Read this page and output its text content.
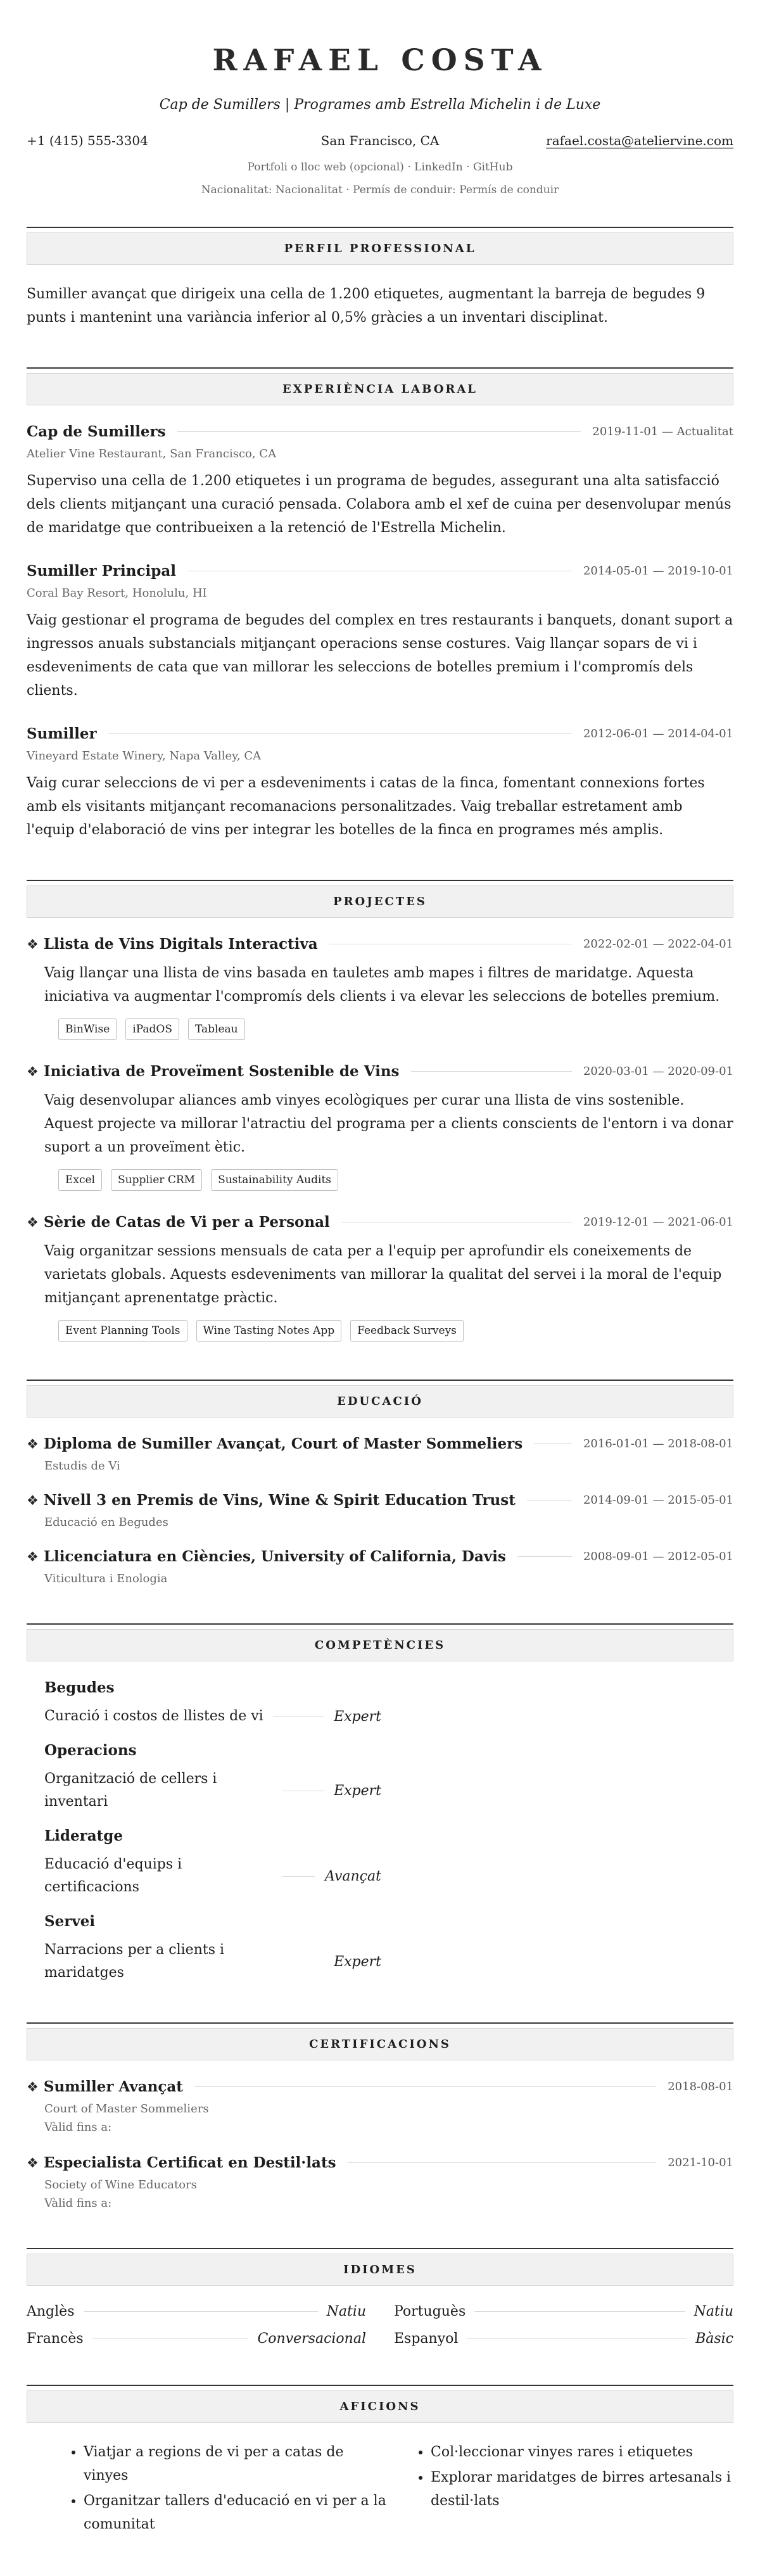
RAFAEL COSTA
Cap de Sumillers | Programes amb Estrella Michelin i de Luxe
+1 (415) 555-3304	San Francisco, CA	rafael.costa@ateliervine.com
Portfoli o lloc web (opcional) · LinkedIn · GitHub
Nacionalitat: Nacionalitat · Permís de conduir: Permís de conduir
PERFIL PROFESSIONAL
Sumiller avançat que dirigeix una cella de 1.200 etiquetes, augmentant la barreja de begudes 9 punts i mantenint una variància inferior al 0,5% gràcies a un inventari disciplinat.
EXPERIÈNCIA LABORAL
Cap de Sumillers	2019-11-01 — Actualitat
Atelier Vine Restaurant, San Francisco, CA
Superviso una cella de 1.200 etiquetes i un programa de begudes, assegurant una alta satisfacció dels clients mitjançant una curació pensada. Colabora amb el xef de cuina per desenvolupar menús de maridatge que contribueixen a la retenció de l'Estrella Michelin.
Sumiller Principal	2014-05-01 — 2019-10-01
Coral Bay Resort, Honolulu, HI
Vaig gestionar el programa de begudes del complex en tres restaurants i banquets, donant suport a ingressos anuals substancials mitjançant operacions sense costures. Vaig llançar sopars de vi i esdeveniments de cata que van millorar les seleccions de botelles premium i l'compromís dels clients.
Sumiller	2012-06-01 — 2014-04-01
Vineyard Estate Winery, Napa Valley, CA
Vaig curar seleccions de vi per a esdeveniments i catas de la finca, fomentant connexions fortes amb els visitants mitjançant recomanacions personalitzades. Vaig treballar estretament amb l'equip d'elaboració de vins per integrar les botelles de la finca en programes més amplis.
PROJECTES
❖ Llista de Vins Digitals Interactiva	2022-02-01 — 2022-04-01
Vaig llançar una llista de vins basada en tauletes amb mapes i filtres de maridatge. Aquesta iniciativa va augmentar l'compromís dels clients i va elevar les seleccions de botelles premium.
BinWise	iPadOS	Tableau
❖ Iniciativa de Proveïment Sostenible de Vins	2020-03-01 — 2020-09-01
Vaig desenvolupar aliances amb vinyes ecològiques per curar una llista de vins sostenible. Aquest projecte va millorar l'atractiu del programa per a clients conscients de l'entorn i va donar suport a un proveïment ètic.
Excel	Supplier CRM	Sustainability Audits
❖ Sèrie de Catas de Vi per a Personal	2019-12-01 — 2021-06-01
Vaig organitzar sessions mensuals de cata per a l'equip per aprofundir els coneixements de varietats globals. Aquests esdeveniments van millorar la qualitat del servei i la moral de l'equip mitjançant aprenentatge pràctic.
Event Planning Tools	Wine Tasting Notes App	Feedback Surveys
EDUCACIÓ
❖ Diploma de Sumiller Avançat, Court of Master Sommeliers	2016-01-01 — 2018-08-01
Estudis de Vi
❖ Nivell 3 en Premis de Vins, Wine & Spirit Education Trust	2014-09-01 — 2015-05-01
Educació en Begudes
❖ Llicenciatura en Ciències, University of California, Davis	2008-09-01 — 2012-05-01
Viticultura i Enologia
COMPETÈNCIES
Begudes
Curació i costos de llistes de vi	Expert
Operacions
Organització de cellers i inventari
Expert
Lideratge
Educació d'equips i certificacions
Avançat
Servei
Narracions per a clients i maridatges
Expert
CERTIFICACIONS
❖ Sumiller Avançat	2018-08-01
Court of Master Sommeliers
Vàlid fins a:
❖ Especialista Certificat en Destil·lats	2021-10-01
Society of Wine Educators
Vàlid fins a:
IDIOMES
Anglès	Natiu Portuguès	Natiu
Francès	Conversacional Espanyol	Bàsic
AFICIONS
• Viatjar a regions de vi per a catas de vinyes
• Organitzar tallers d'educació en vi per a la comunitat
• Col·leccionar vinyes rares i etiquetes
• Explorar maridatges de birres artesanals i destil·lats
